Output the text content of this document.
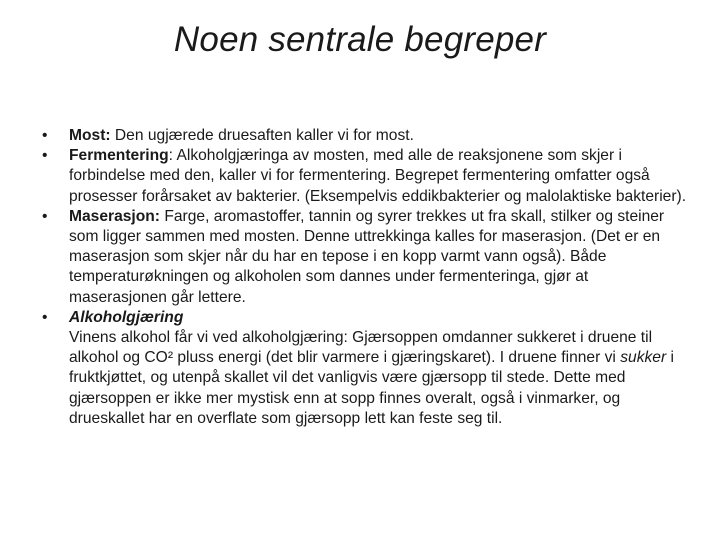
Noen sentrale begreper
• Most: Den ugjærede druesaften kaller vi for most.
• Fermentering: Alkoholgjæringa av mosten, med alle de reaksjonene som skjer i forbindelse med den, kaller vi for fermentering. Begrepet fermentering omfatter også prosesser forårsaket av bakterier. (Eksempelvis eddikbakterier og malolaktiske bakterier).
• Maserasjon: Farge, aromastoffer, tannin og syrer trekkes ut fra skall, stilker og steiner som ligger sammen med mosten. Denne uttrekkinga kalles for maserasjon. (Det er en maserasjon som skjer når du har en tepose i en kopp varmt vann også). Både temperaturøkningen og alkoholen som dannes under fermenteringa, gjør at maserasjonen går lettere.
• Alkoholgjæring
Vinens alkohol får vi ved alkoholgjæring: Gjærsoppen omdanner sukkeret i druene til alkohol og CO² pluss energi (det blir varmere i gjæringskaret). I druene finner vi sukker i fruktkjøttet, og utenpå skallet vil det vanligvis være gjærsopp til stede. Dette med gjærsoppen er ikke mer mystisk enn at sopp finnes overalt, også i vinmarker, og drueskallet har en overflate som gjærsopp lett kan feste seg til.
